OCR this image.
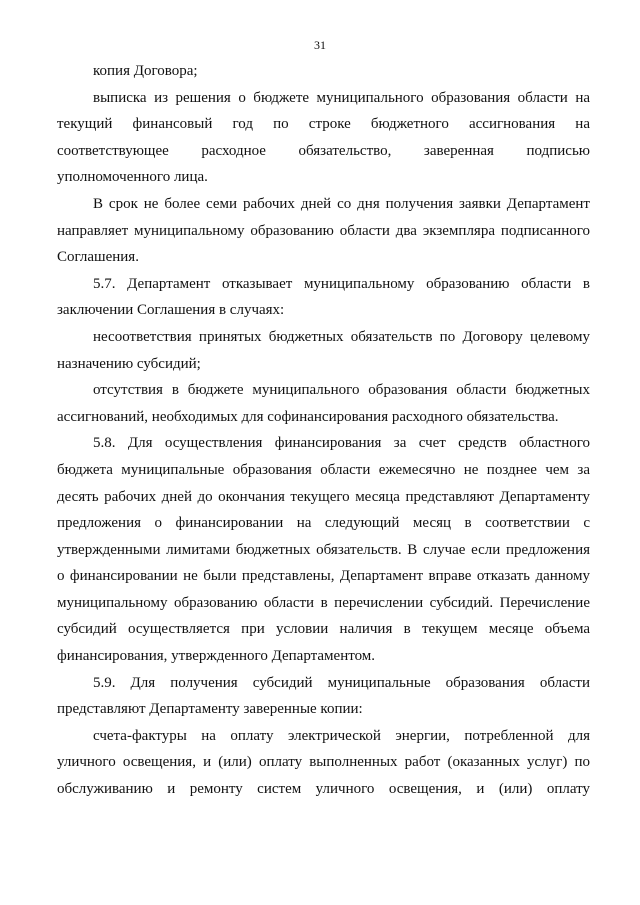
31
копия Договора;
выписка из решения о бюджете муниципального образования области на
текущий финансовый год по строке бюджетного ассигнования на
соответствующее расходное обязательство, заверенная подписью
уполномоченного лица.
В срок не более семи рабочих дней со дня получения заявки Департамент
направляет муниципальному образованию области два экземпляра подписанного
Соглашения.
5.7. Департамент отказывает муниципальному образованию области в
заключении Соглашения в случаях:
несоответствия принятых бюджетных обязательств по Договору целевому
назначению субсидий;
отсутствия в бюджете муниципального образования области бюджетных
ассигнований, необходимых для софинансирования расходного обязательства.
5.8. Для осуществления финансирования за счет средств областного
бюджета муниципальные образования области ежемесячно не позднее чем за
десять рабочих дней до окончания текущего месяца представляют Департаменту
предложения о финансировании на следующий месяц в соответствии с
утвержденными лимитами бюджетных обязательств. В случае если предложения
о финансировании не были представлены, Департамент вправе отказать данному
муниципальному образованию области в перечислении субсидий. Перечисление
субсидий осуществляется при условии наличия в текущем месяце объема
финансирования, утвержденного Департаментом.
5.9. Для получения субсидий муниципальные образования области
представляют Департаменту заверенные копии:
счета-фактуры на оплату электрической энергии, потребленной для
уличного освещения, и (или) оплату выполненных работ (оказанных услуг) по
обслуживанию и ремонту систем уличного освещения, и (или) оплату
